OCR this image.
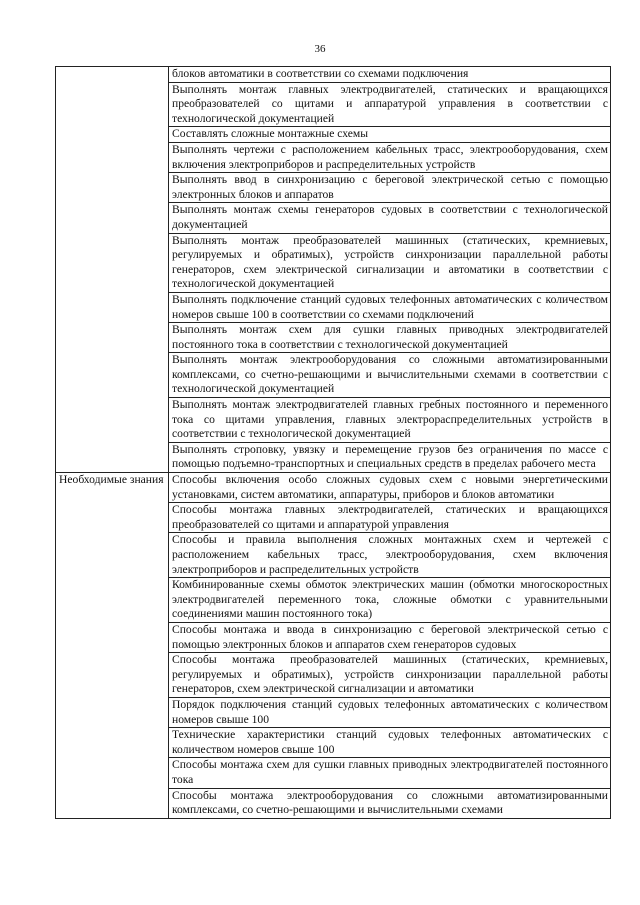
36
	блоков автоматики в соответствии со схемами подключения
	Выполнять монтаж главных электродвигателей, статических и вращающихся преобразователей со щитами и аппаратурой управления в соответствии с технологической документацией
	Составлять сложные монтажные схемы
	Выполнять чертежи с расположением кабельных трасс, электрооборудования, схем включения электроприборов и распределительных устройств
	Выполнять ввод в синхронизацию с береговой электрической сетью с помощью электронных блоков и аппаратов
	Выполнять монтаж схемы генераторов судовых в соответствии с технологической документацией
	Выполнять монтаж преобразователей машинных (статических, кремниевых, регулируемых и обратимых), устройств синхронизации параллельной работы генераторов, схем электрической сигнализации и автоматики в соответствии с технологической документацией
	Выполнять подключение станций судовых телефонных автоматических с количеством номеров свыше 100 в соответствии со схемами подключений
	Выполнять монтаж схем для сушки главных приводных электродвигателей постоянного тока в соответствии с технологической документацией
	Выполнять монтаж электрооборудования со сложными автоматизированными комплексами, со счетно-решающими и вычислительными схемами в соответствии с технологической документацией
	Выполнять монтаж электродвигателей главных гребных постоянного и переменного тока со щитами управления, главных электрораспределительных устройств в соответствии с технологической документацией
	Выполнять строповку, увязку и перемещение грузов без ограничения по массе с помощью подъемно-транспортных и специальных средств в пределах рабочего места
Необходимые знания	Способы включения особо сложных судовых схем с новыми энергетическими установками, систем автоматики, аппаратуры, приборов и блоков автоматики
	Способы монтажа главных электродвигателей, статических и вращающихся преобразователей со щитами и аппаратурой управления
	Способы и правила выполнения сложных монтажных схем и чертежей с расположением кабельных трасс, электрооборудования, схем включения электроприборов и распределительных устройств
	Комбинированные схемы обмоток электрических машин (обмотки многоскоростных электродвигателей переменного тока, сложные обмотки с уравнительными соединениями машин постоянного тока)
	Способы монтажа и ввода в синхронизацию с береговой электрической сетью с помощью электронных блоков и аппаратов схем генераторов судовых
	Способы монтажа преобразователей машинных (статических, кремниевых, регулируемых и обратимых), устройств синхронизации параллельной работы генераторов, схем электрической сигнализации и автоматики
	Порядок подключения станций судовых телефонных автоматических с количеством номеров свыше 100
	Технические характеристики станций судовых телефонных автоматических с количеством номеров свыше 100
	Способы монтажа схем для сушки главных приводных электродвигателей постоянного тока
	Способы монтажа электрооборудования со сложными автоматизированными комплексами, со счетно-решающими и вычислительными схемами
